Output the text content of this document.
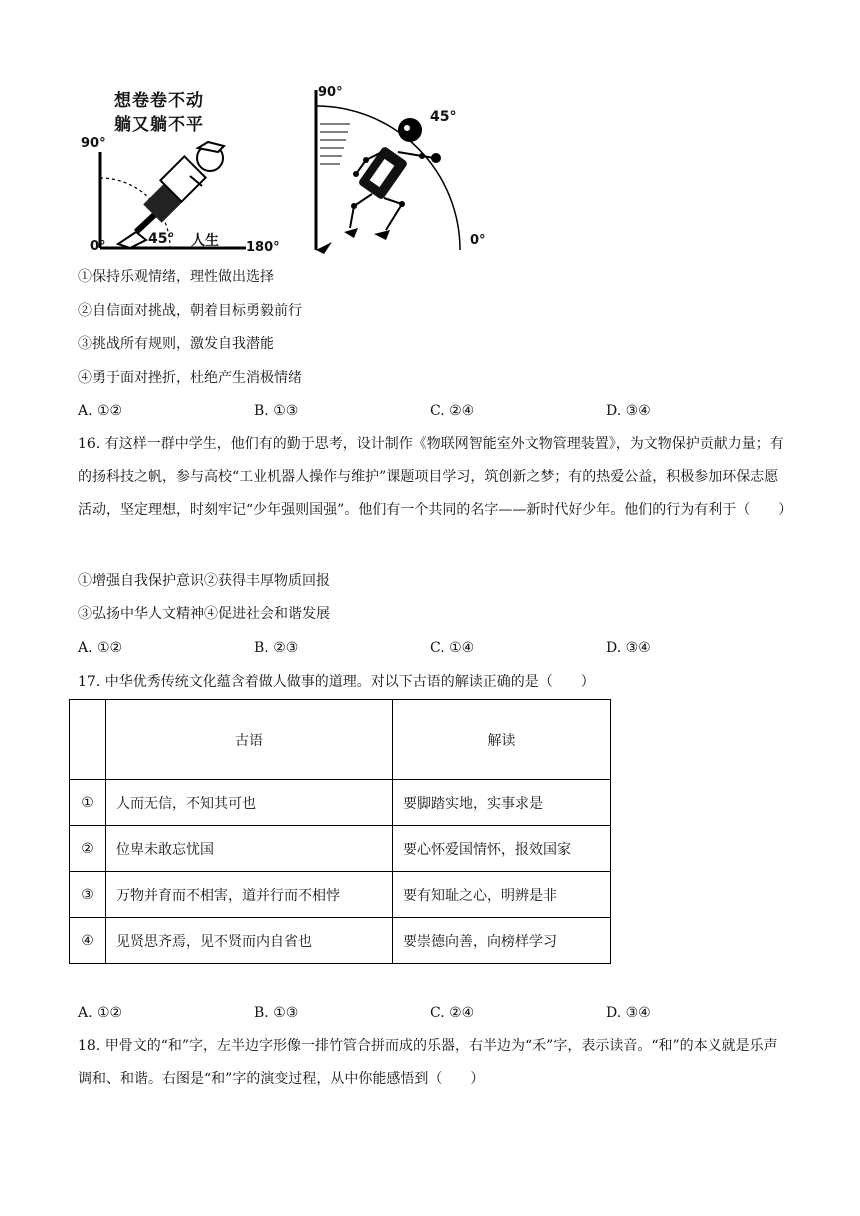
想卷卷不动
躺又躺不平
90°
0°	45° 人生 180°
90°
45°
0°
①保持乐观情绪，理性做出选择
②自信面对挑战，朝着目标勇毅前行
③挑战所有规则，激发自我潜能
④勇于面对挫折，杜绝产生消极情绪
A. ①②	B. ①③	C. ②④	D. ③④
16. 有这样一群中学生，他们有的勤于思考，设计制作《物联网智能室外文物管理装置》，为文物保护贡献力量；有的扬科技之帆，参与高校“工业机器人操作与维护”课题项目学习，筑创新之梦；有的热爱公益，积极参加环保志愿活动，坚定理想，时刻牢记“少年强则国强”。他们有一个共同的名字——新时代好少年。他们的行为有利于（　　）
①增强自我保护意识②获得丰厚物质回报
③弘扬中华人文精神④促进社会和谐发展
A. ①②	B. ②③	C. ①④	D. ③④
17. 中华优秀传统文化蕴含着做人做事的道理。对以下古语的解读正确的是（　　）
	古语	解读
①	人而无信，不知其可也	要脚踏实地，实事求是
②	位卑未敢忘忧国	要心怀爱国情怀，报效国家
③	万物并育而不相害，道并行而不相悖	要有知耻之心，明辨是非
④	见贤思齐焉，见不贤而内自省也	要崇德向善，向榜样学习
A. ①②	B. ①③	C. ②④	D. ③④
18. 甲骨文的“和”字，左半边字形像一排竹管合拼而成的乐器，右半边为“禾”字，表示读音。“和”的本义就是乐声调和、和谐。右图是“和”字的演变过程，从中你能感悟到（　　）
